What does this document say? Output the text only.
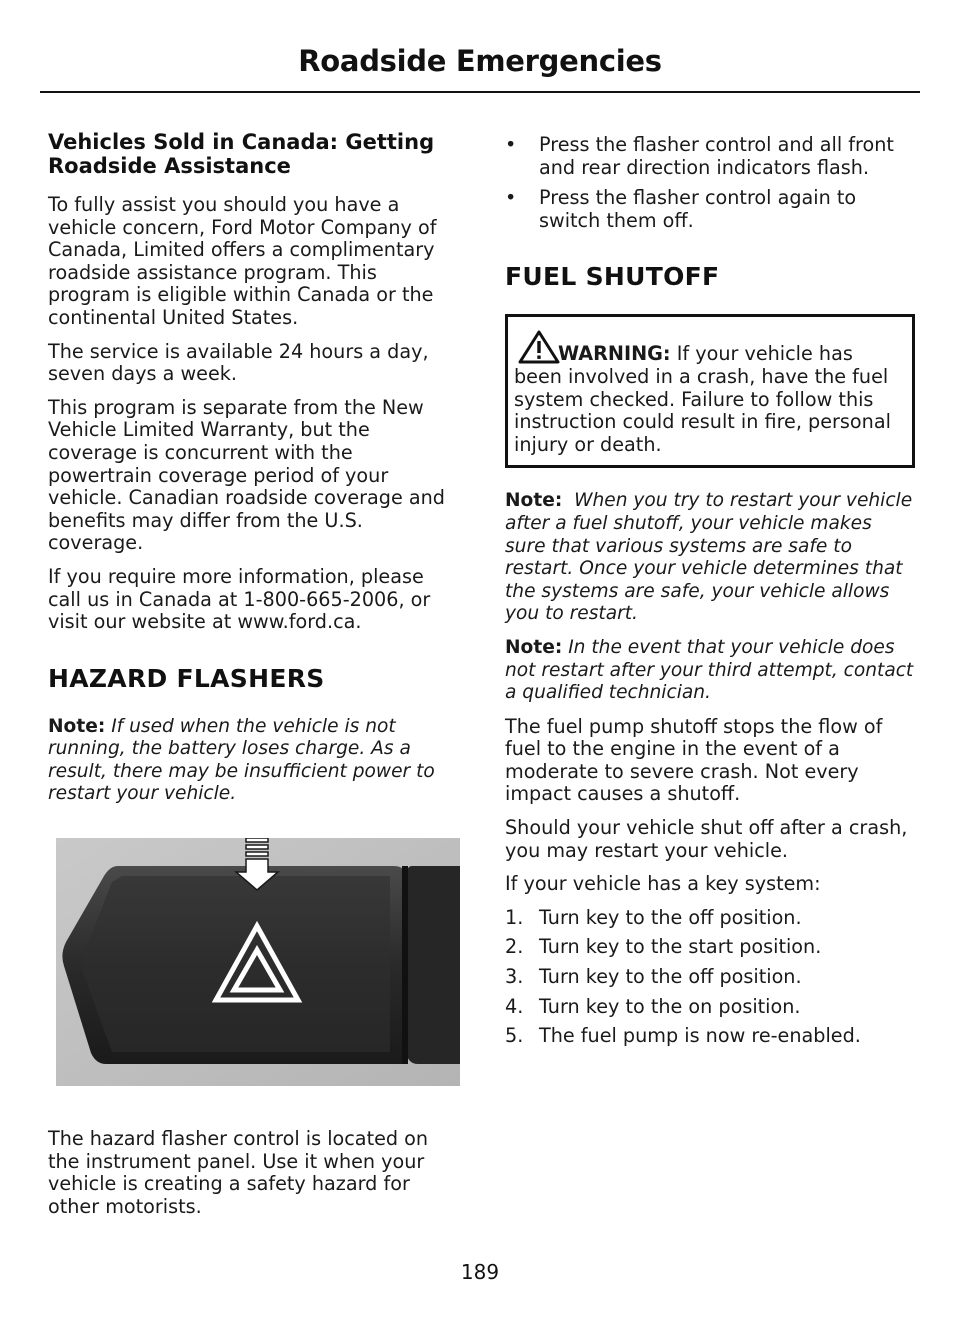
Roadside Emergencies
Vehicles Sold in Canada: Getting Roadside Assistance

To fully assist you should you have a vehicle concern, Ford Motor Company of Canada, Limited offers a complimentary roadside assistance program. This program is eligible within Canada or the continental United States.

The service is available 24 hours a day, seven days a week.

This program is separate from the New Vehicle Limited Warranty, but the coverage is concurrent with the powertrain coverage period of your vehicle. Canadian roadside coverage and benefits may differ from the U.S. coverage.

If you require more information, please call us in Canada at 1-800-665-2006, or visit our website at www.ford.ca.

HAZARD FLASHERS

Note: If used when the vehicle is not running, the battery loses charge. As a result, there may be insufficient power to restart your vehicle.

The hazard flasher control is located on the instrument panel. Use it when your vehicle is creating a safety hazard for other motorists.

• Press the flasher control and all front and rear direction indicators flash.
• Press the flasher control again to switch them off.
FUEL SHUTOFF
WARNING: If your vehicle has been involved in a crash, have the fuel system checked. Failure to follow this instruction could result in fire, personal injury or death.

Note: When you try to restart your vehicle after a fuel shutoff, your vehicle makes sure that various systems are safe to restart. Once your vehicle determines that the systems are safe, your vehicle allows you to restart.

Note: In the event that your vehicle does not restart after your third attempt, contact a qualified technician.

The fuel pump shutoff stops the flow of fuel to the engine in the event of a moderate to severe crash. Not every impact causes a shutoff.

Should your vehicle shut off after a crash, you may restart your vehicle.

If your vehicle has a key system:

1. Turn key to the off position.
2. Turn key to the start position.
3. Turn key to the off position.
4. Turn key to the on position.
5. The fuel pump is now re-enabled.
189
